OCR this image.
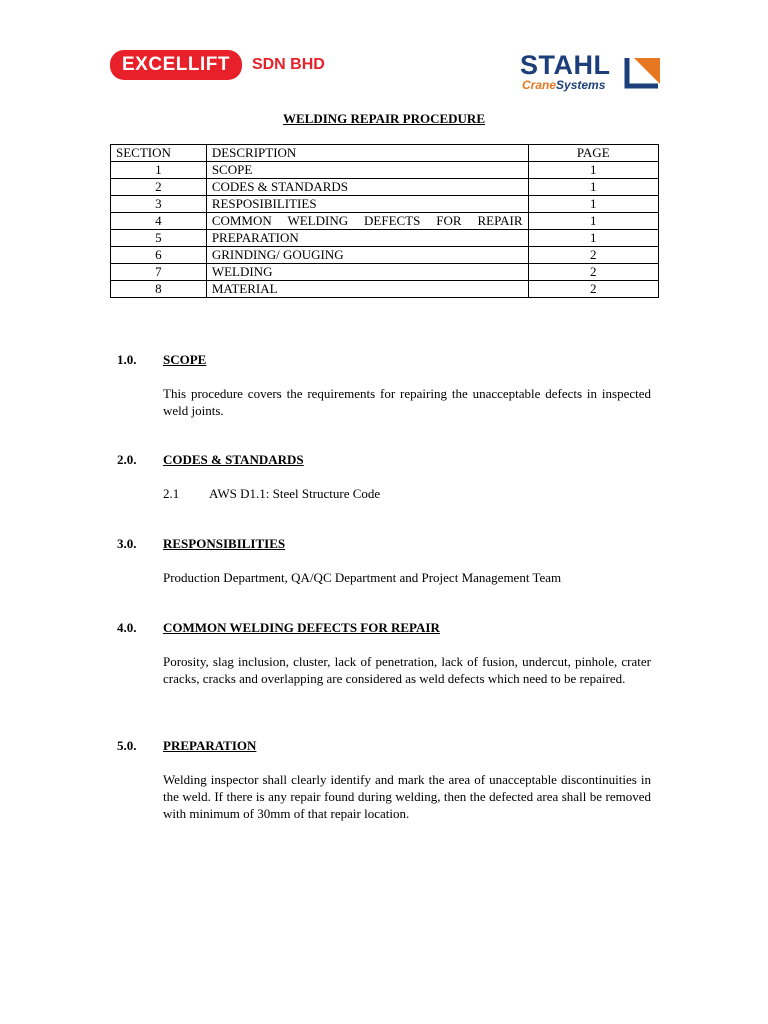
EXCELLIFT	SDN BHD	STAHL
CraneSystems
WELDING REPAIR PROCEDURE
SECTION	DESCRIPTION	PAGE
1	SCOPE	1
2	CODES & STANDARDS	1
3	RESPOSIBILITIES	1
4	COMMON WELDING DEFECTS FOR REPAIR	1
5	PREPARATION	1
6	GRINDING/ GOUGING	2
7	WELDING	2
8	MATERIAL	2
1.0. SCOPE
This procedure covers the requirements for repairing the unacceptable defects in inspected weld joints.
2.0. CODES & STANDARDS
2.1 AWS D1.1: Steel Structure Code
3.0. RESPONSIBILITIES
Production Department, QA/QC Department and Project Management Team
4.0. COMMON WELDING DEFECTS FOR REPAIR
Porosity, slag inclusion, cluster, lack of penetration, lack of fusion, undercut, pinhole, crater cracks, cracks and overlapping are considered as weld defects which need to be repaired.
5.0. PREPARATION
Welding inspector shall clearly identify and mark the area of unacceptable discontinuities in the weld. If there is any repair found during welding, then the defected area shall be removed with minimum of 30mm of that repair location.
